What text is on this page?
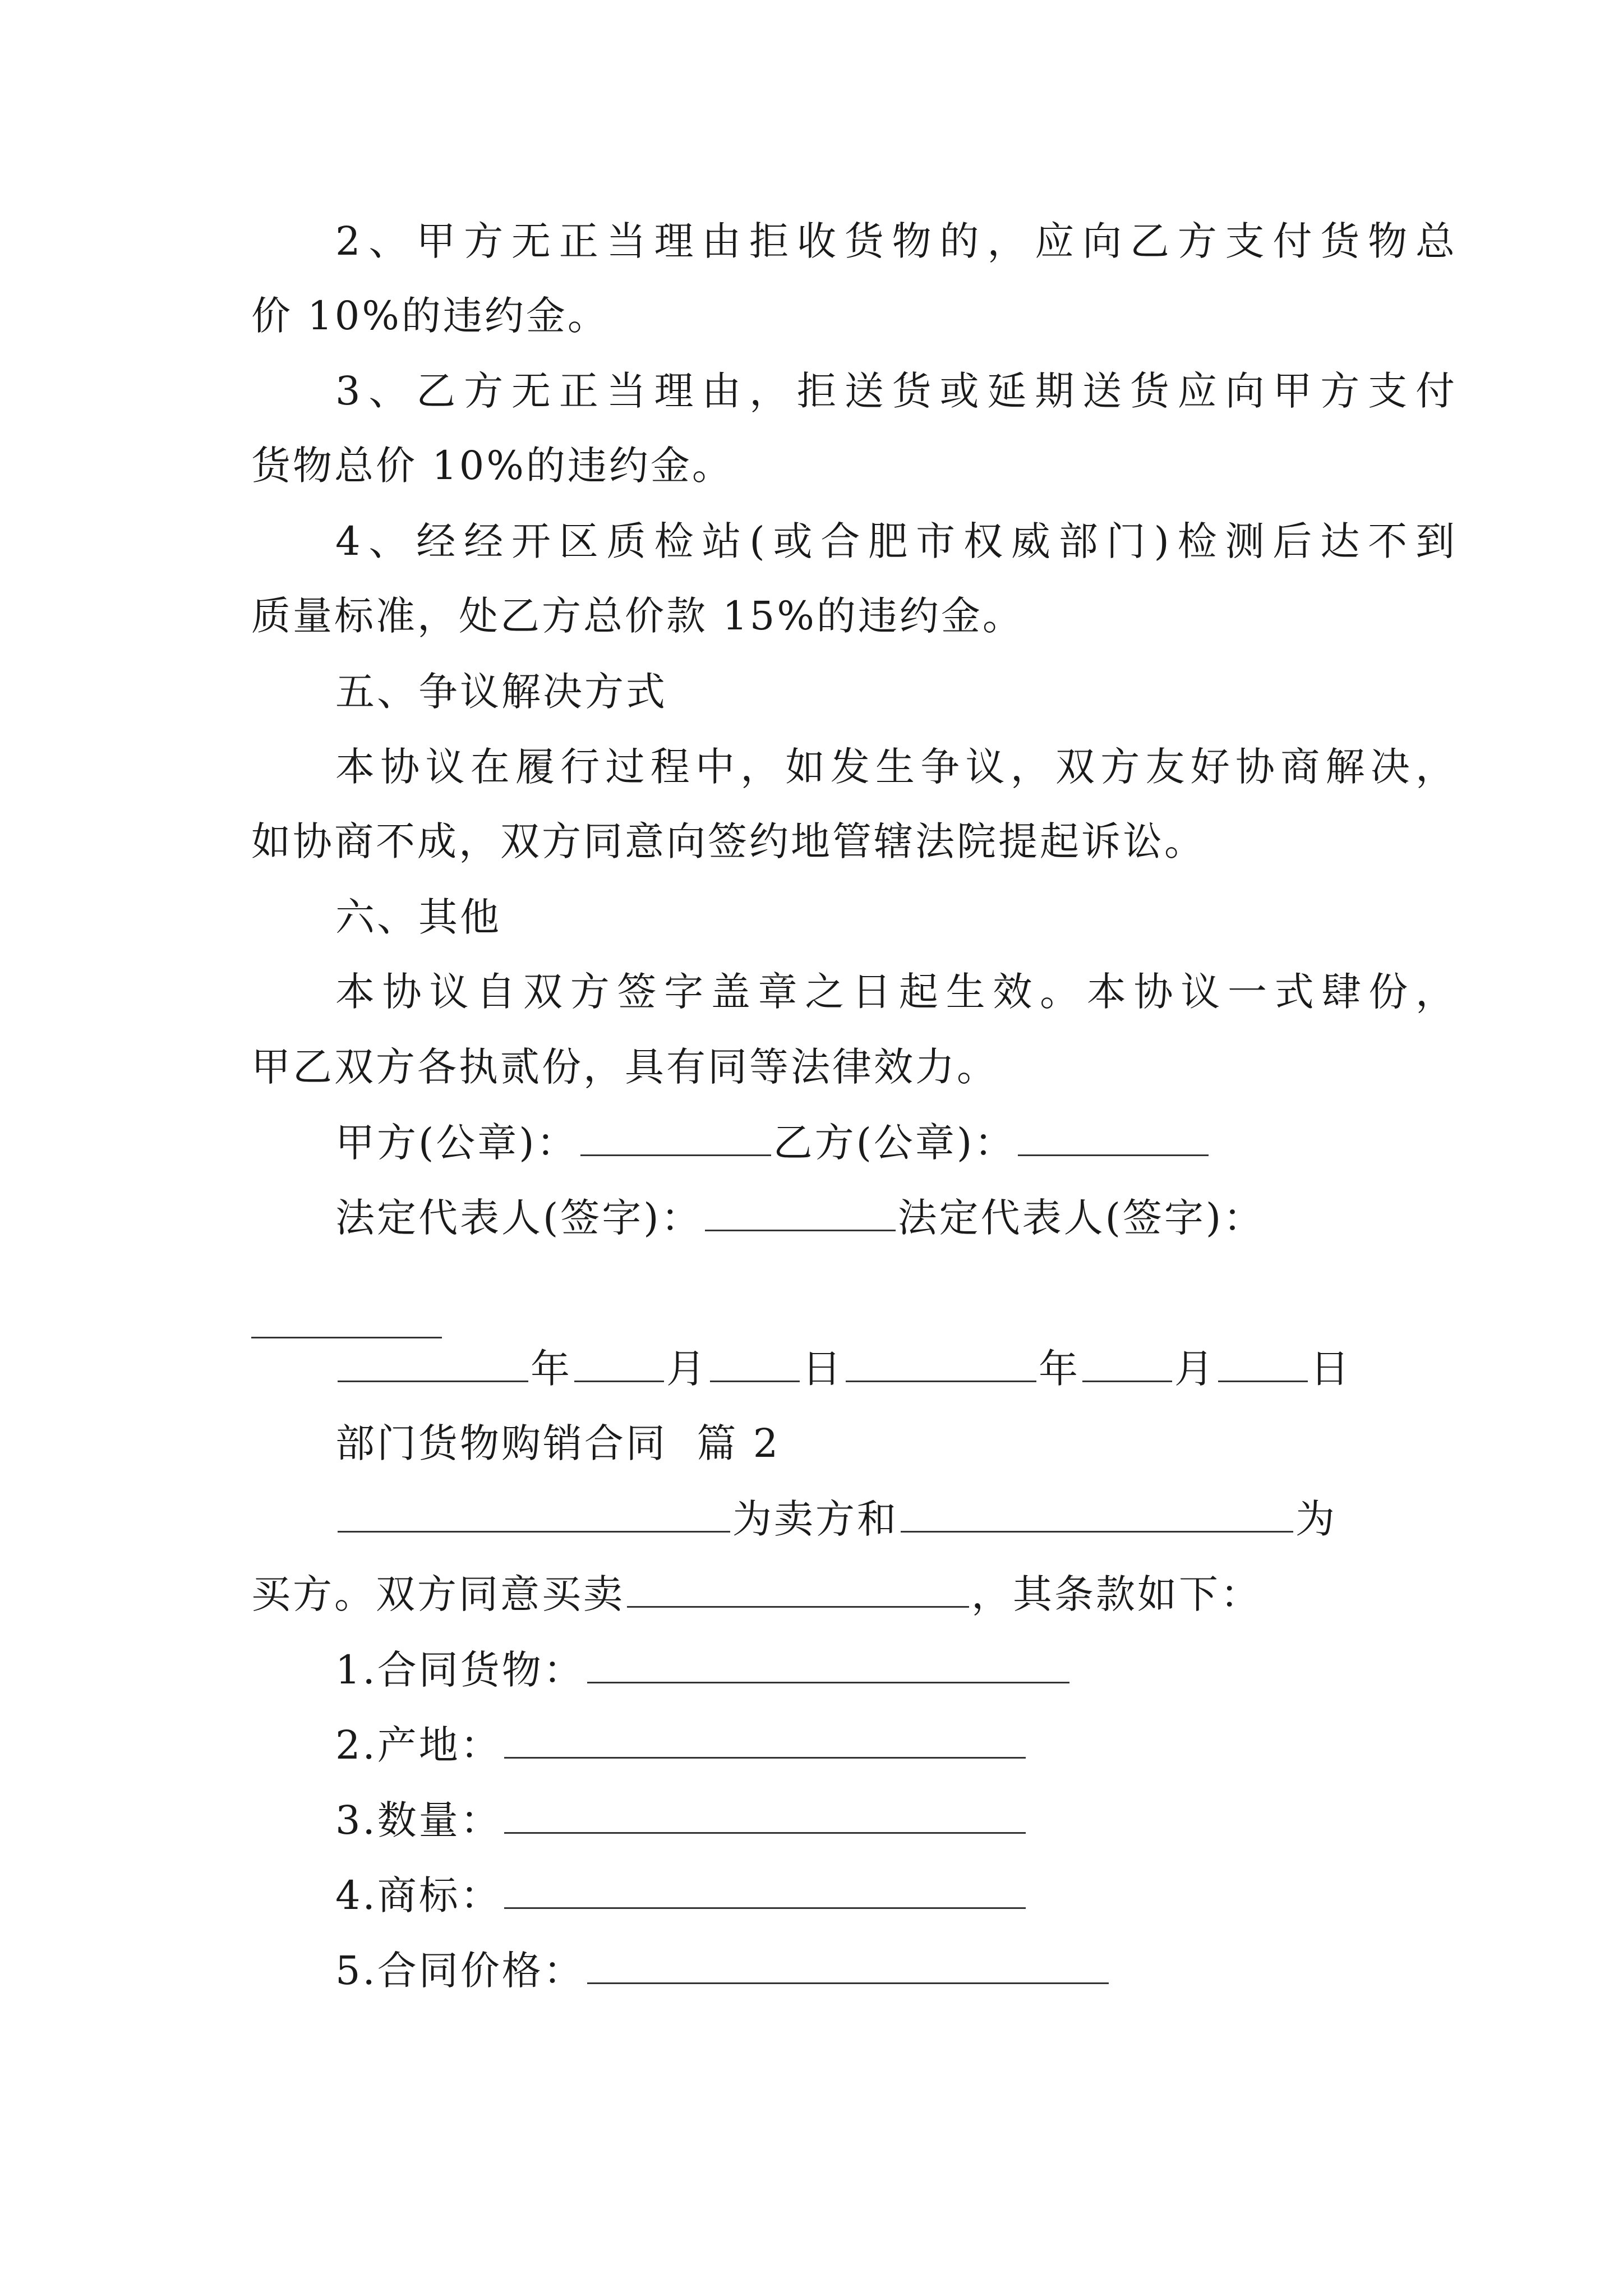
2、甲方无正当理由拒收货物的，应向乙方支付货物总
价 10%的违约金。
3、乙方无正当理由，拒送货或延期送货应向甲方支付
货物总价 10%的违约金。
4、经经开区质检站(或合肥市权威部门)检测后达不到
质量标准，处乙方总价款 15%的违约金。
五、争议解决方式
本协议在履行过程中，如发生争议，双方友好协商解决，
如协商不成，双方同意向签约地管辖法院提起诉讼。
六、其他
本协议自双方签字盖章之日起生效。本协议一式肆份，
甲乙双方各执贰份，具有同等法律效力。
甲方(公章)：	乙方(公章)：
法定代表人(签字)：	法定代表人(签字)：
年 月 日	年 月 日
部门货物购销合同  篇 2
为卖方和	为
买方。双方同意买卖	，其条款如下：
1.合同货物：
2.产地：
3.数量：
4.商标：
5.合同价格：
